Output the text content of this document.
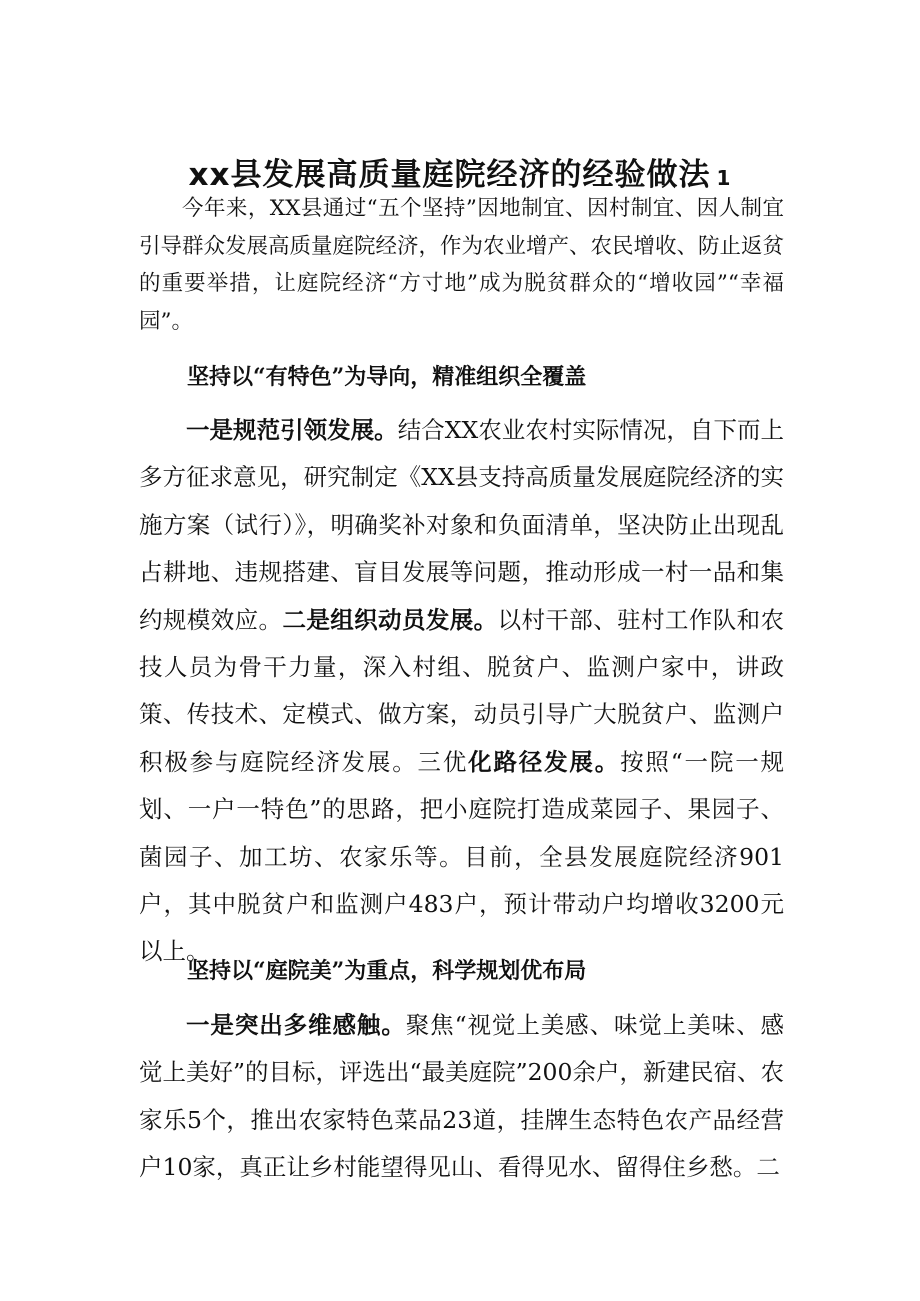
xx县发展高质量庭院经济的经验做法 1

今年来，XX县通过“五个坚持”因地制宜、因村制宜、因人制宜引导群众发展高质量庭院经济，作为农业增产、农民增收、防止返贫的重要举措，让庭院经济“方寸地”成为脱贫群众的“增收园”“幸福园”。

坚持以“有特色”为导向，精准组织全覆盖

一是规范引领发展。结合XX农业农村实际情况，自下而上多方征求意见，研究制定《XX县支持高质量发展庭院经济的实施方案（试行）》，明确奖补对象和负面清单，坚决防止出现乱占耕地、违规搭建、盲目发展等问题，推动形成一村一品和集约规模效应。二是组织动员发展。以村干部、驻村工作队和农技人员为骨干力量，深入村组、脱贫户、监测户家中，讲政策、传技术、定模式、做方案，动员引导广大脱贫户、监测户积极参与庭院经济发展。三优化路径发展。按照“一院一规划、一户一特色”的思路，把小庭院打造成菜园子、果园子、菌园子、加工坊、农家乐等。目前，全县发展庭院经济901户，其中脱贫户和监测户483户，预计带动户均增收3200元以上。

坚持以“庭院美”为重点，科学规划优布局

一是突出多维感触。聚焦“视觉上美感、味觉上美味、感觉上美好”的目标，评选出“最美庭院”200余户，新建民宿、农家乐5个，推出农家特色菜品23道，挂牌生态特色农产品经营户10家，真正让乡村能望得见山、看得见水、留得住乡愁。二
